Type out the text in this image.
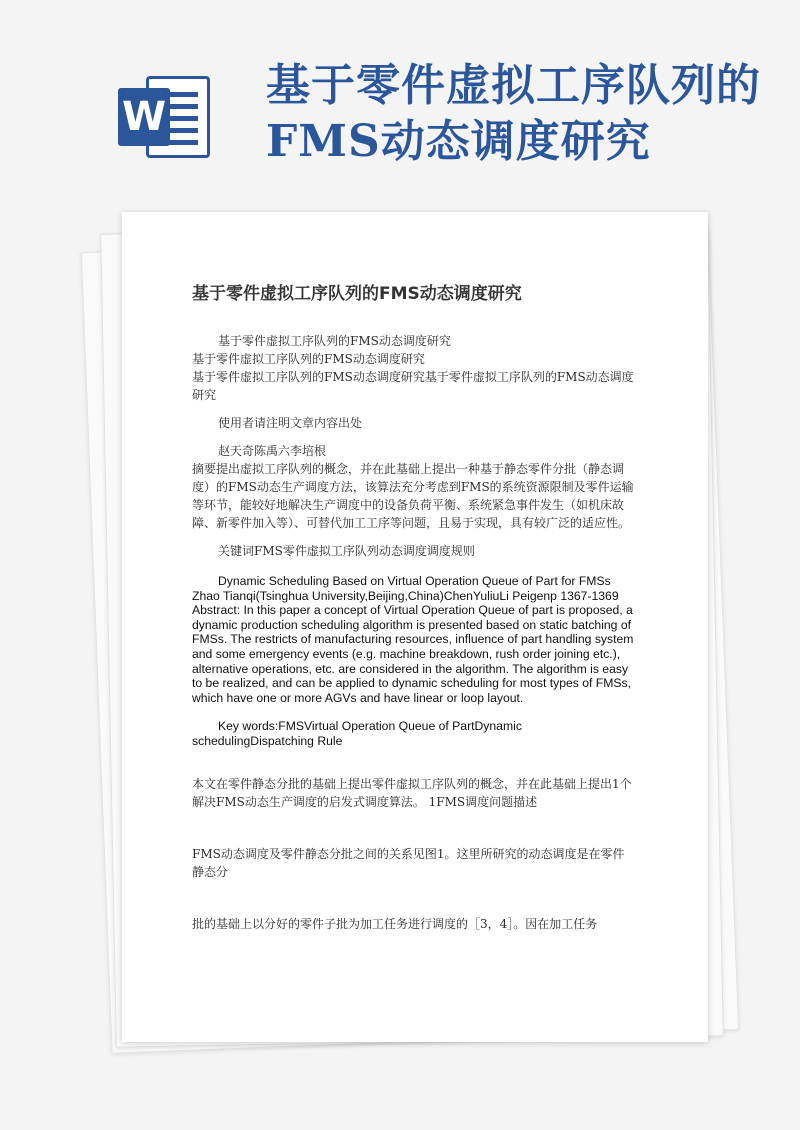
W
基于零件虚拟工序队列的FMS动态调度研究
基于零件虚拟工序队列的FMS动态调度研究

基于零件虚拟工序队列的FMS动态调度研究

基于零件虚拟工序队列的FMS动态调度研究

基于零件虚拟工序队列的FMS动态调度研究基于零件虚拟工序队列的FMS动态调度研究

使用者请注明文章内容出处

赵天奇陈禹六李培根

摘要提出虚拟工序队列的概念，并在此基础上提出一种基于静态零件分批（静态调度）的FMS动态生产调度方法，该算法充分考虑到FMS的系统资源限制及零件运输等环节，能较好地解决生产调度中的设备负荷平衡、系统紧急事件发生（如机床故障、新零件加入等）、可替代加工工序等问题，且易于实现，具有较广泛的适应性。

关键词FMS零件虚拟工序队列动态调度调度规则

Dynamic Scheduling Based on Virtual Operation Queue of Part for FMSs Zhao Tianqi(Tsinghua University,Beijing,China)ChenYuliuLi Peigenp 1367-1369 Abstract: In this paper a concept of Virtual Operation Queue of part is proposed, a dynamic production scheduling algorithm is presented based on static batching of FMSs. The restricts of manufacturing resources, influence of part handling system and some emergency events (e.g. machine breakdown, rush order joining etc.), alternative operations, etc. are considered in the algorithm. The algorithm is easy to be realized, and can be applied to dynamic scheduling for most types of FMSs, which have one or more AGVs and have linear or loop layout.

Key words:FMSVirtual Operation Queue of PartDynamic schedulingDispatching Rule

本文在零件静态分批的基础上提出零件虚拟工序队列的概念，并在此基础上提出1个解决FMS动态生产调度的启发式调度算法。 1FMS调度问题描述

FMS动态调度及零件静态分批之间的关系见图1。这里所研究的动态调度是在零件静态分

批的基础上以分好的零件子批为加工任务进行调度的［3，4］。因在加工任务
